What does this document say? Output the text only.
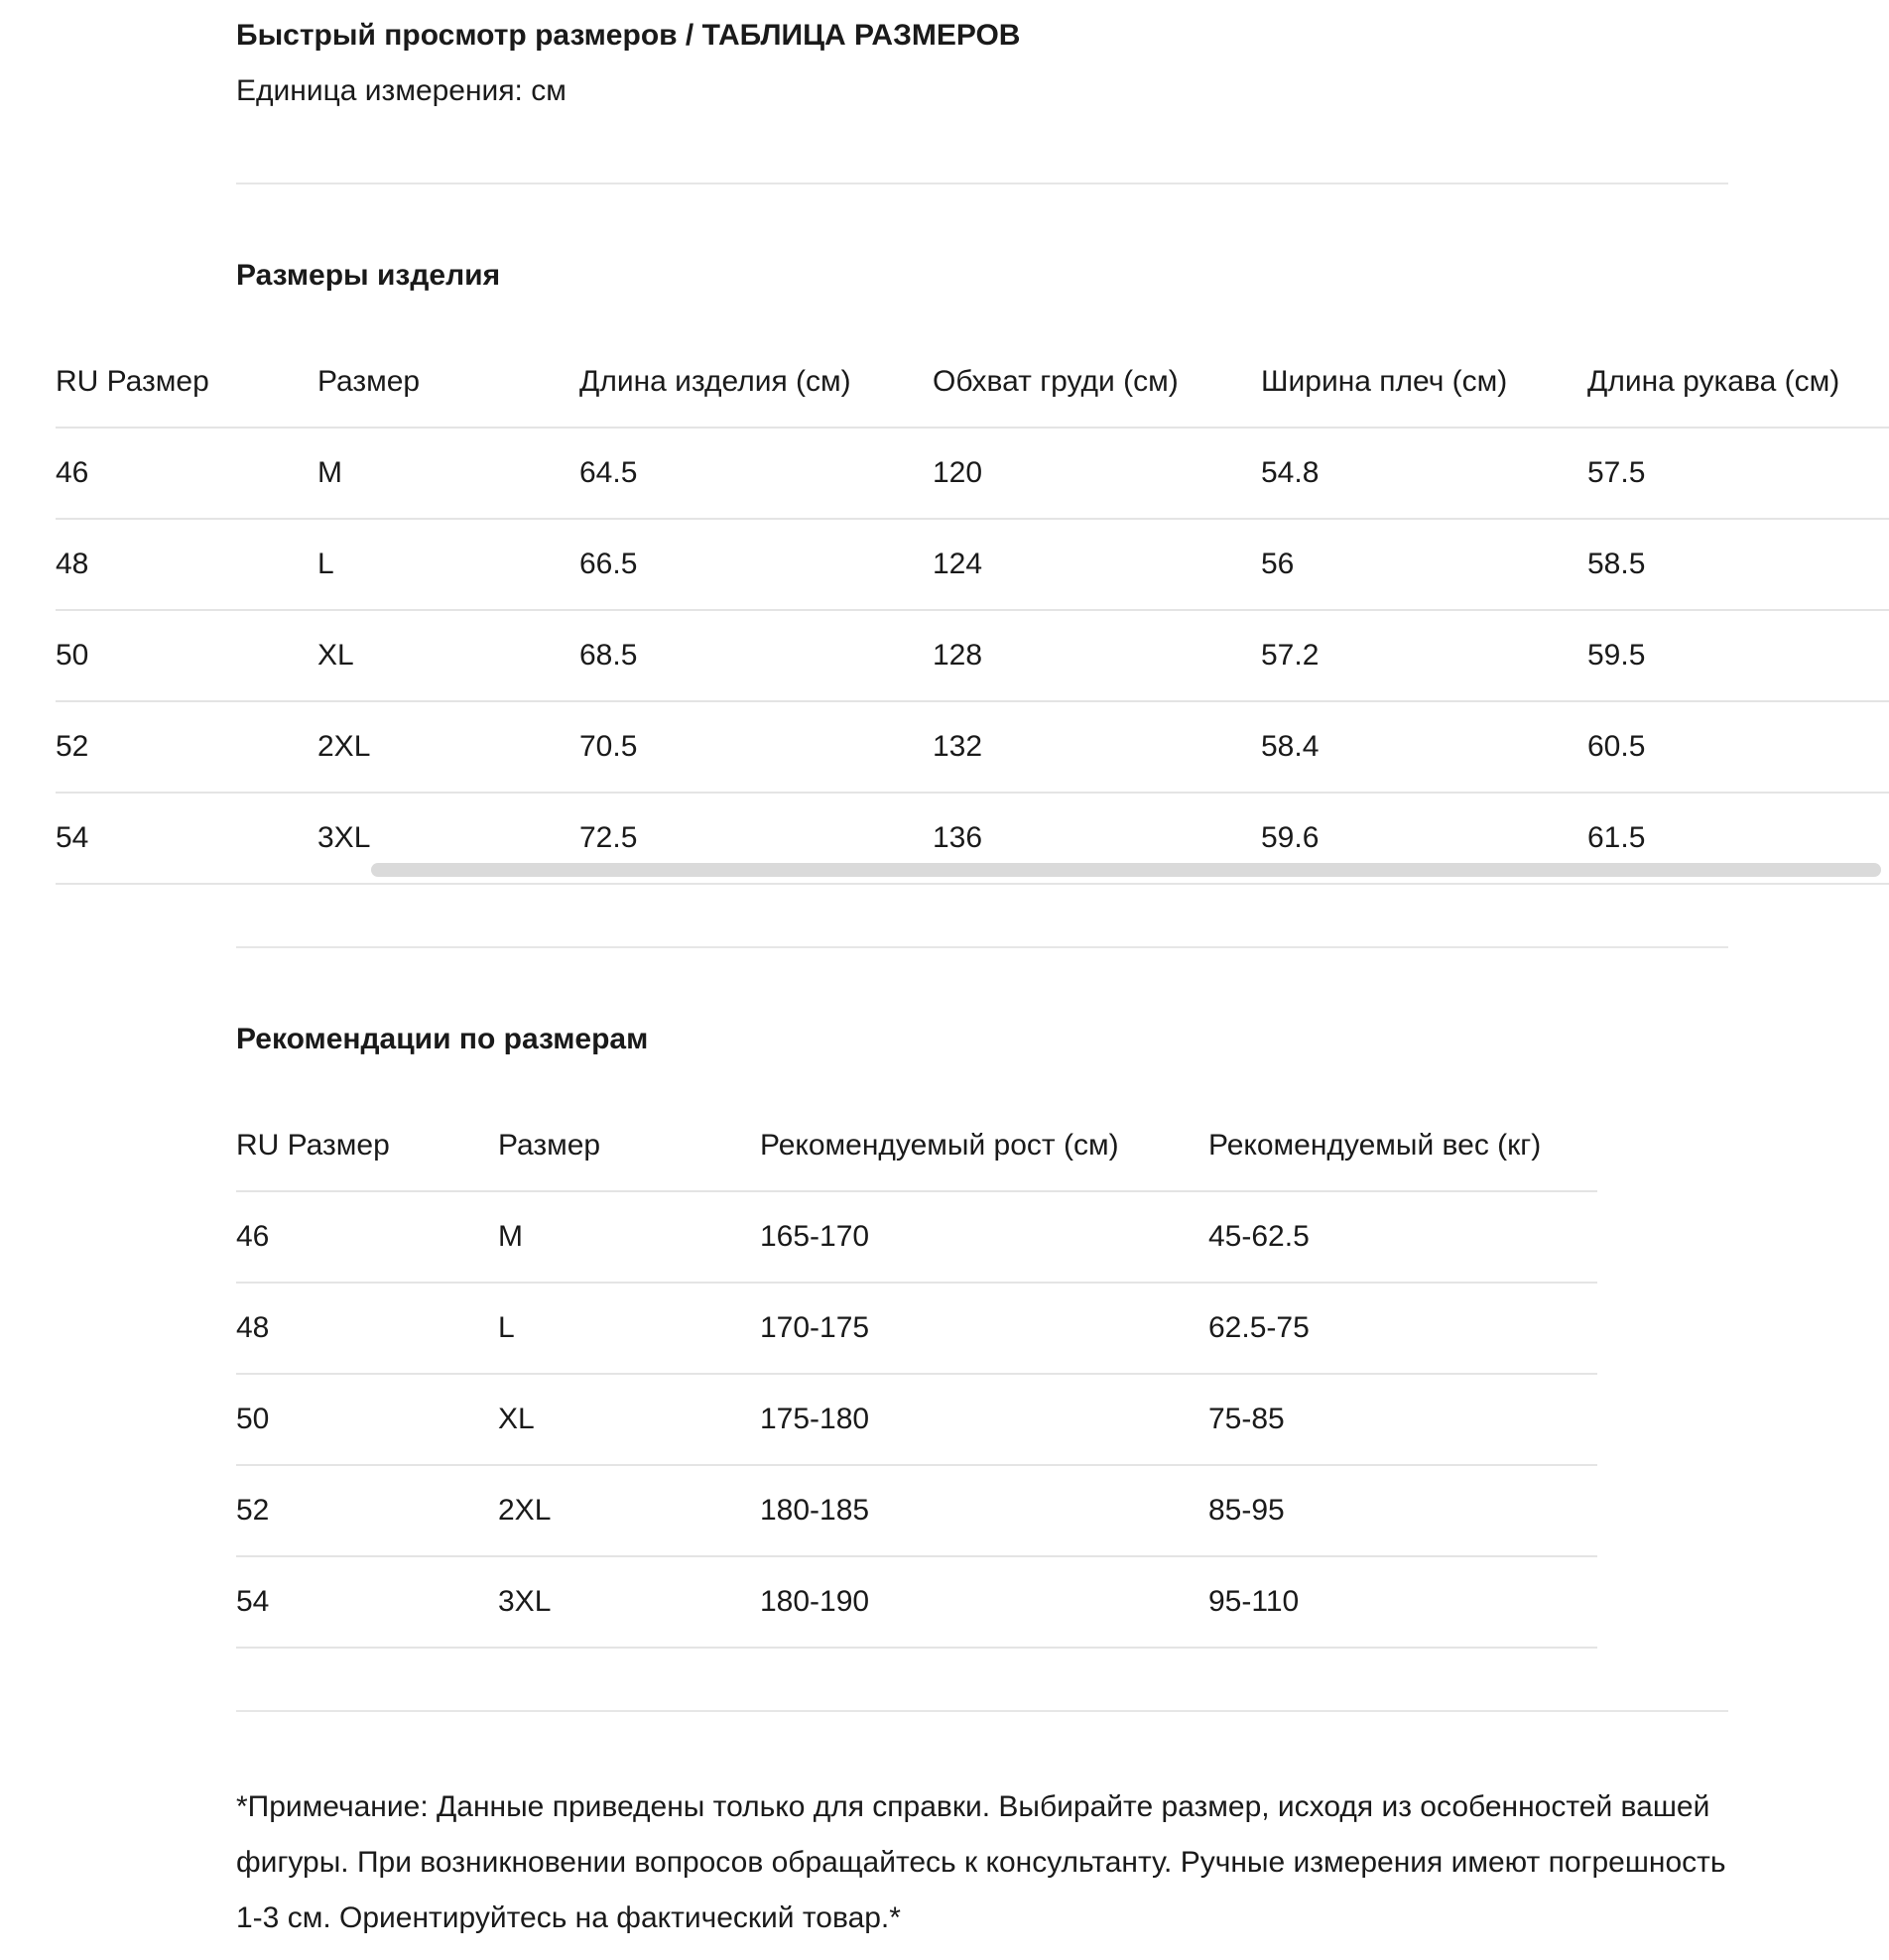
Быстрый просмотр размеров / ТАБЛИЦА РАЗМЕРОВ
Единица измерения: см
Размеры изделия
RU Размер	Размер	Длина изделия (см)	Обхват груди (см)	Ширина плеч (см)	Длина рукава (см)
46	M	64.5	120	54.8	57.5
48	L	66.5	124	56	58.5
50	XL	68.5	128	57.2	59.5
52	2XL	70.5	132	58.4	60.5
54	3XL	72.5	136	59.6	61.5
Рекомендации по размерам
RU Размер	Размер	Рекомендуемый рост (см)	Рекомендуемый вес (кг)
46	M	165-170	45-62.5
48	L	170-175	62.5-75
50	XL	175-180	75-85
52	2XL	180-185	85-95
54	3XL	180-190	95-110

*Примечание: Данные приведены только для справки. Выбирайте размер, исходя из особенностей вашей фигуры. При возникновении вопросов обращайтесь к консультанту. Ручные измерения имеют погрешность 1-3 см. Ориентируйтесь на фактический товар.*
